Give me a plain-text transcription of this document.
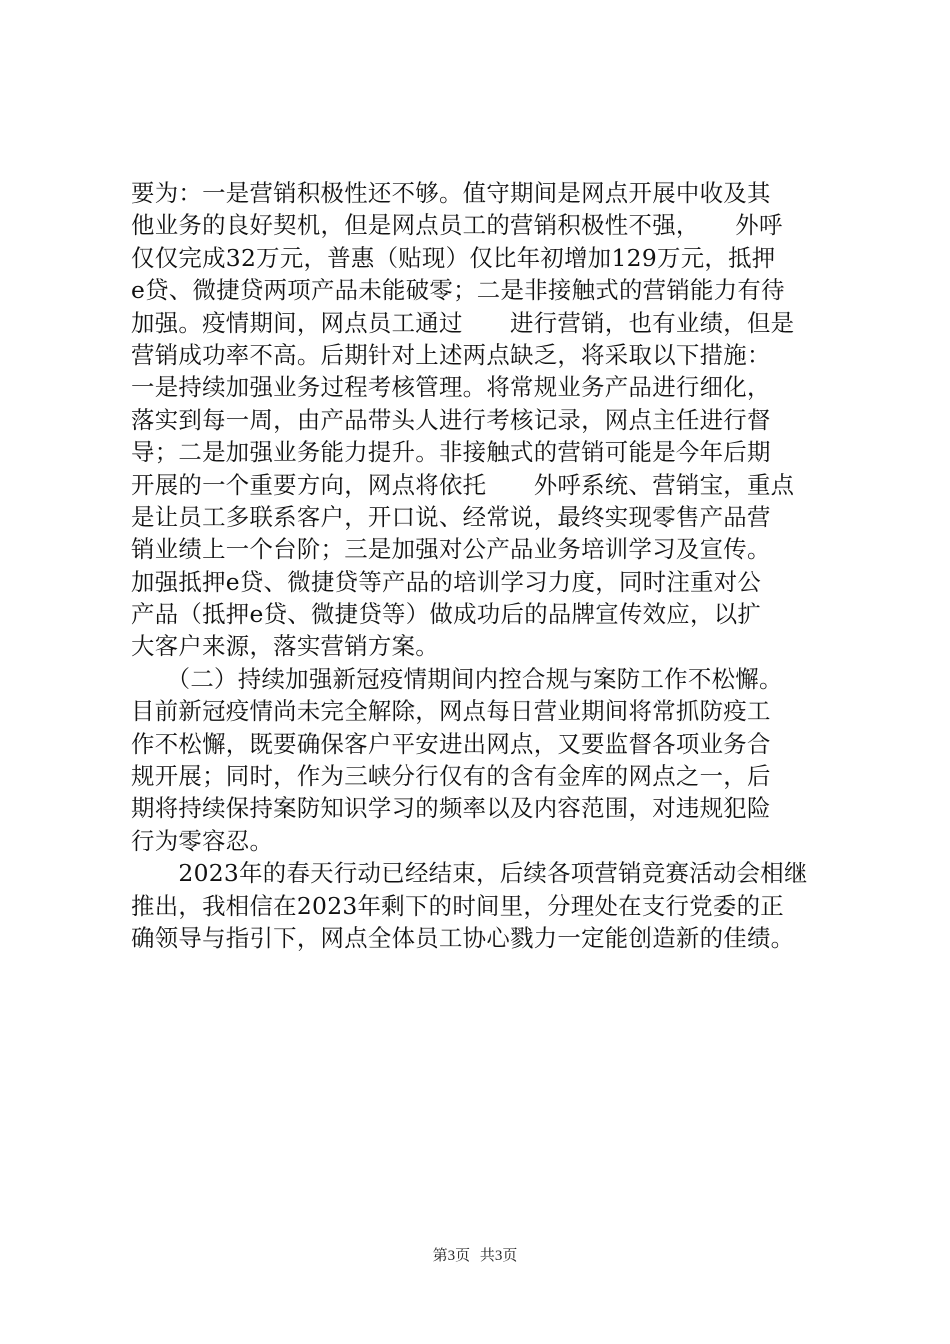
要为：一是营销积极性还不够。值守期间是网点开展中收及其
他业务的良好契机，但是网点员工的营销积极性不强，　　外呼
仅仅完成32万元，普惠（贴现）仅比年初增加129万元，抵押
e贷、微捷贷两项产品未能破零；二是非接触式的营销能力有待
加强。疫情期间，网点员工通过　　进行营销，也有业绩，但是
营销成功率不高。后期针对上述两点缺乏，将采取以下措施：
一是持续加强业务过程考核管理。将常规业务产品进行细化，
落实到每一周，由产品带头人进行考核记录，网点主任进行督
导；二是加强业务能力提升。非接触式的营销可能是今年后期
开展的一个重要方向，网点将依托　　外呼系统、营销宝，重点
是让员工多联系客户，开口说、经常说，最终实现零售产品营
销业绩上一个台阶；三是加强对公产品业务培训学习及宣传。
加强抵押e贷、微捷贷等产品的培训学习力度，同时注重对公
产品（抵押e贷、微捷贷等）做成功后的品牌宣传效应，以扩
大客户来源，落实营销方案。
　　（二）持续加强新冠疫情期间内控合规与案防工作不松懈。
目前新冠疫情尚未完全解除，网点每日营业期间将常抓防疫工
作不松懈，既要确保客户平安进出网点，又要监督各项业务合
规开展；同时，作为三峡分行仅有的含有金库的网点之一，后
期将持续保持案防知识学习的频率以及内容范围，对违规犯险
行为零容忍。
　　2023年的春天行动已经结束，后续各项营销竞赛活动会相继
推出，我相信在2023年剩下的时间里，分理处在支行党委的正
确领导与指引下，网点全体员工协心戮力一定能创造新的佳绩。
第3页 共3页
